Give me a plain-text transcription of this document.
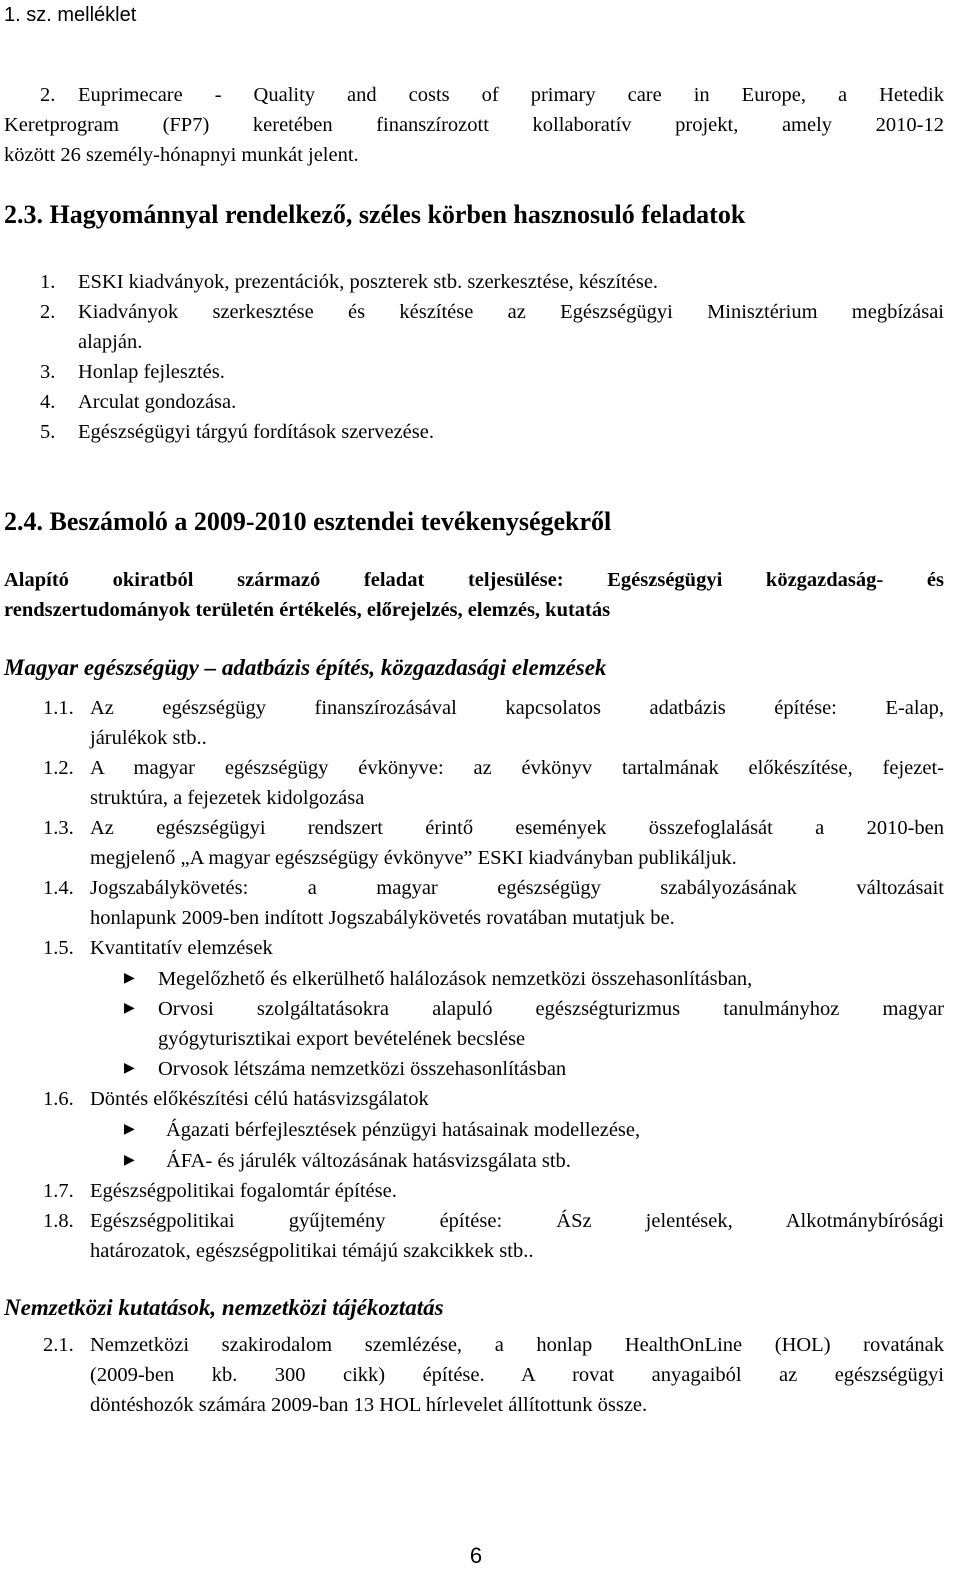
1. sz. melléklet
2. Euprimecare - Quality and costs of primary care in Europe, a Hetedik
Keretprogram (FP7) keretében finanszírozott kollaboratív projekt, amely 2010-12
között 26 személy-hónapnyi munkát jelent.
2.3. Hagyománnyal rendelkező, széles körben hasznosuló feladatok
1. ESKI kiadványok, prezentációk, poszterek stb. szerkesztése, készítése.
2. Kiadványok szerkesztése és készítése az Egészségügyi Minisztérium megbízásai
alapján.
3. Honlap fejlesztés.
4. Arculat gondozása.
5. Egészségügyi tárgyú fordítások szervezése.
2.4. Beszámoló a 2009-2010 esztendei tevékenységekről
Alapító okiratból származó feladat teljesülése: Egészségügyi közgazdaság- és
rendszertudományok területén értékelés, előrejelzés, elemzés, kutatás
Magyar egészségügy – adatbázis építés, közgazdasági elemzések
1.1. Az egészségügy finanszírozásával kapcsolatos adatbázis építése: E-alap,
járulékok stb..
1.2. A magyar egészségügy évkönyve: az évkönyv tartalmának előkészítése, fejezet-
struktúra, a fejezetek kidolgozása
1.3. Az egészségügyi rendszert érintő események összefoglalását a 2010-ben
megjelenő „A magyar egészségügy évkönyve” ESKI kiadványban publikáljuk.
1.4. Jogszabálykövetés: a magyar egészségügy szabályozásának változásait
honlapunk 2009-ben indított Jogszabálykövetés rovatában mutatjuk be.
1.5. Kvantitatív elemzések
▶ Megelőzhető és elkerülhető halálozások nemzetközi összehasonlításban,
▶ Orvosi szolgáltatásokra alapuló egészségturizmus tanulmányhoz magyar
gyógyturisztikai export bevételének becslése
▶ Orvosok létszáma nemzetközi összehasonlításban
1.6. Döntés előkészítési célú hatásvizsgálatok
▶ Ágazati bérfejlesztések pénzügyi hatásainak modellezése,
▶ ÁFA- és járulék változásának hatásvizsgálata stb.
1.7. Egészségpolitikai fogalomtár építése.
1.8. Egészségpolitikai gyűjtemény építése: ÁSz jelentések, Alkotmánybírósági
határozatok, egészségpolitikai témájú szakcikkek stb..
Nemzetközi kutatások, nemzetközi tájékoztatás
2.1. Nemzetközi szakirodalom szemlézése, a honlap HealthOnLine (HOL) rovatának
(2009-ben kb. 300 cikk) építése. A rovat anyagaiból az egészségügyi
döntéshozók számára 2009-ban 13 HOL hírlevelet állítottunk össze.
6
